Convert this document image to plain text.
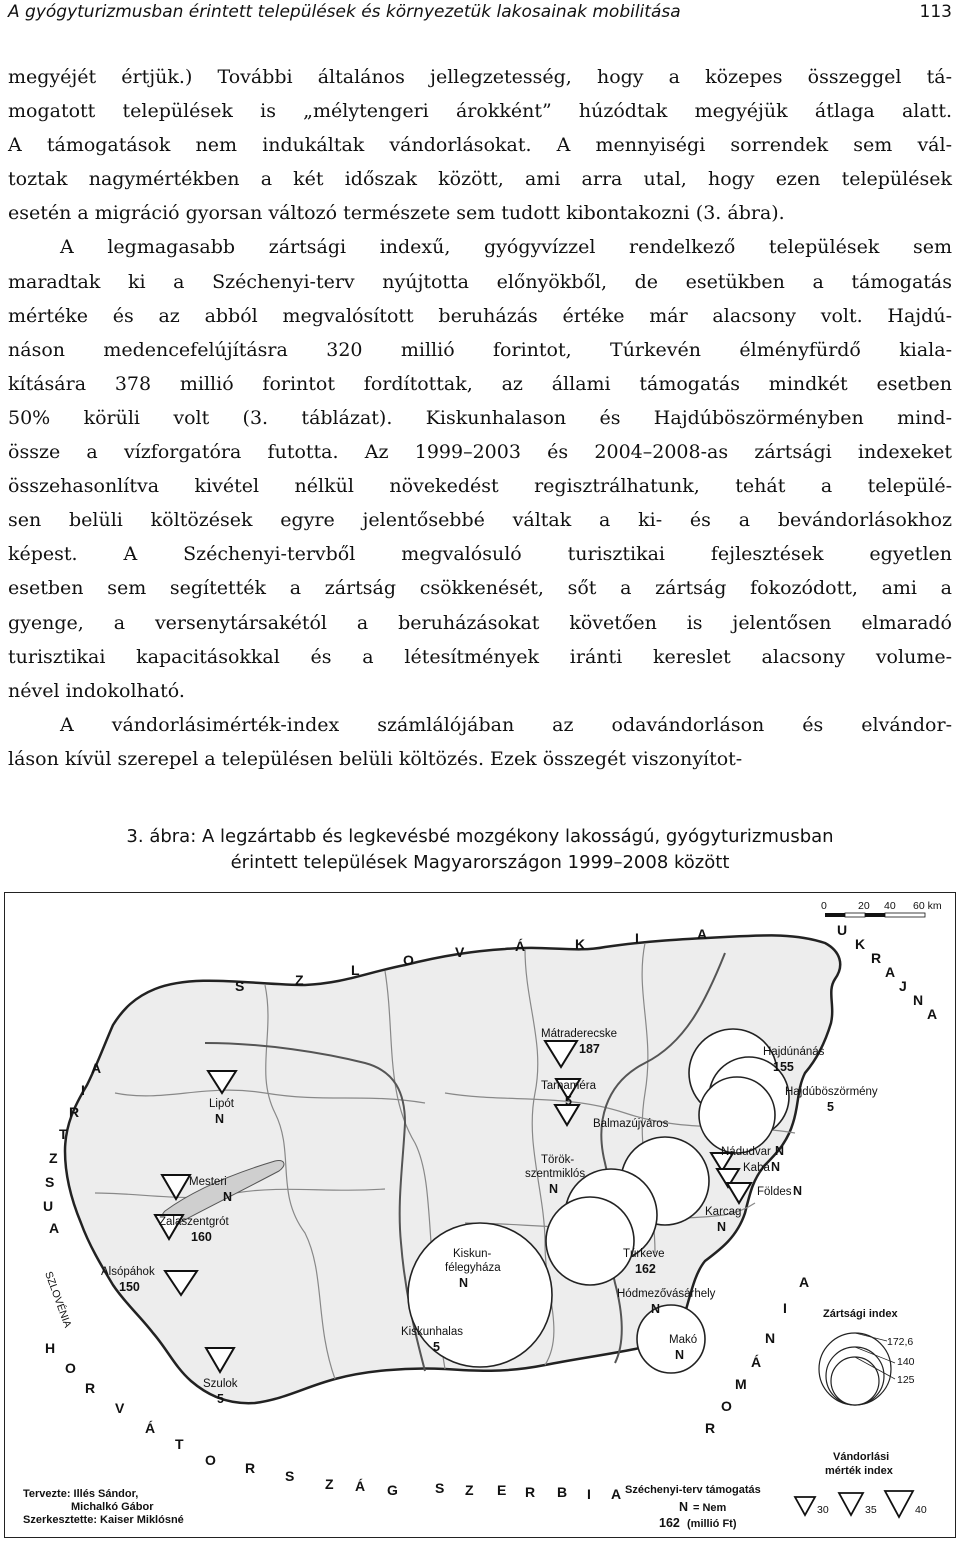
A gyógyturizmusban érintett települések és környezetük lakosainak mobilitása	113
megyéjét értjük.) További általános jellegzetesség, hogy a közepes összeggel tá-
mogatott települések is „mélytengeri árokként” húzódtak megyéjük átlaga alatt.
A támogatások nem indukáltak vándorlásokat. A mennyiségi sorrendek sem vál-
toztak nagymértékben a két időszak között, ami arra utal, hogy ezen települések
esetén a migráció gyorsan változó természete sem tudott kibontakozni (3. ábra).
A legmagasabb zártsági indexű, gyógyvízzel rendelkező települések sem
maradtak ki a Széchenyi-terv nyújtotta előnyökből, de esetükben a támogatás
mértéke és az abból megvalósított beruházás értéke már alacsony volt. Hajdú-
náson medencefelújításra 320 millió forintot, Túrkevén élményfürdő kiala-
kítására 378 millió forintot fordítottak, az állami támogatás mindkét esetben
50% körüli volt (3. táblázat). Kiskunhalason és Hajdúböszörményben mind-
össze a vízforgatóra futotta. Az 1999–2003 és 2004–2008-as zártsági indexeket
összehasonlítva kivétel nélkül növekedést regisztrálhatunk, tehát a települé-
sen belüli költözések egyre jelentősebbé váltak a ki- és a bevándorlásokhoz
képest. A Széchenyi-tervből megvalósuló turisztikai fejlesztések egyetlen
esetben sem segítették a zártság csökkenését, sőt a zártság fokozódott, ami a
gyenge, a versenytársakétól a beruházásokat követően is jelentősen elmaradó
turisztikai kapacitásokkal és a létesítmények iránti kereslet alacsony volume-
nével indokolható.
A vándorlásimérték-index számlálójában az odavándorláson és elvándor-
láson kívül szerepel a településen belüli költözés. Ezek összegét viszonyítot-
3. ábra: A legzártabb és legkevésbé mozgékony lakosságú, gyógyturizmusban
érintett települések Magyarországon 1999–2008 között
0	20 40 60 km
S	Z
L
O	V	Á	K	I	A	U
K
R
A
J
N
A
A
U
S
Z
T
R
I
A
H
O
R
V
Á
T
O R S Z Á G	S Z E R B I A
R
O
M
Á
N
I
A
SZLOVÉNIA
Mátraderecske
187
Tarnaméra
5
Balmazújváros
Hajdúnánás
155
Hajdúböszörmény
5
Nádudvar N
Kaba N
Földes N
Karcag
N
Török-
szentmiklós
N
Lipót
N
Mesteri
N
Zalaszentgrót
160
Alsópáhok
150
Kiskun-
félegyháza
N
Túrkeve
162
Hódmezővásárhely
N
Kiskunhalas
5	Makó
N
Szulok
5
Zártsági index
172,6
140
125
Vándorlási
mérték index
30	35	40
Széchenyi-terv támogatás
N = Nem
162 (millió Ft)
Tervezte: Illés Sándor,
Michalkó Gábor
Szerkesztette: Kaiser Miklósné
